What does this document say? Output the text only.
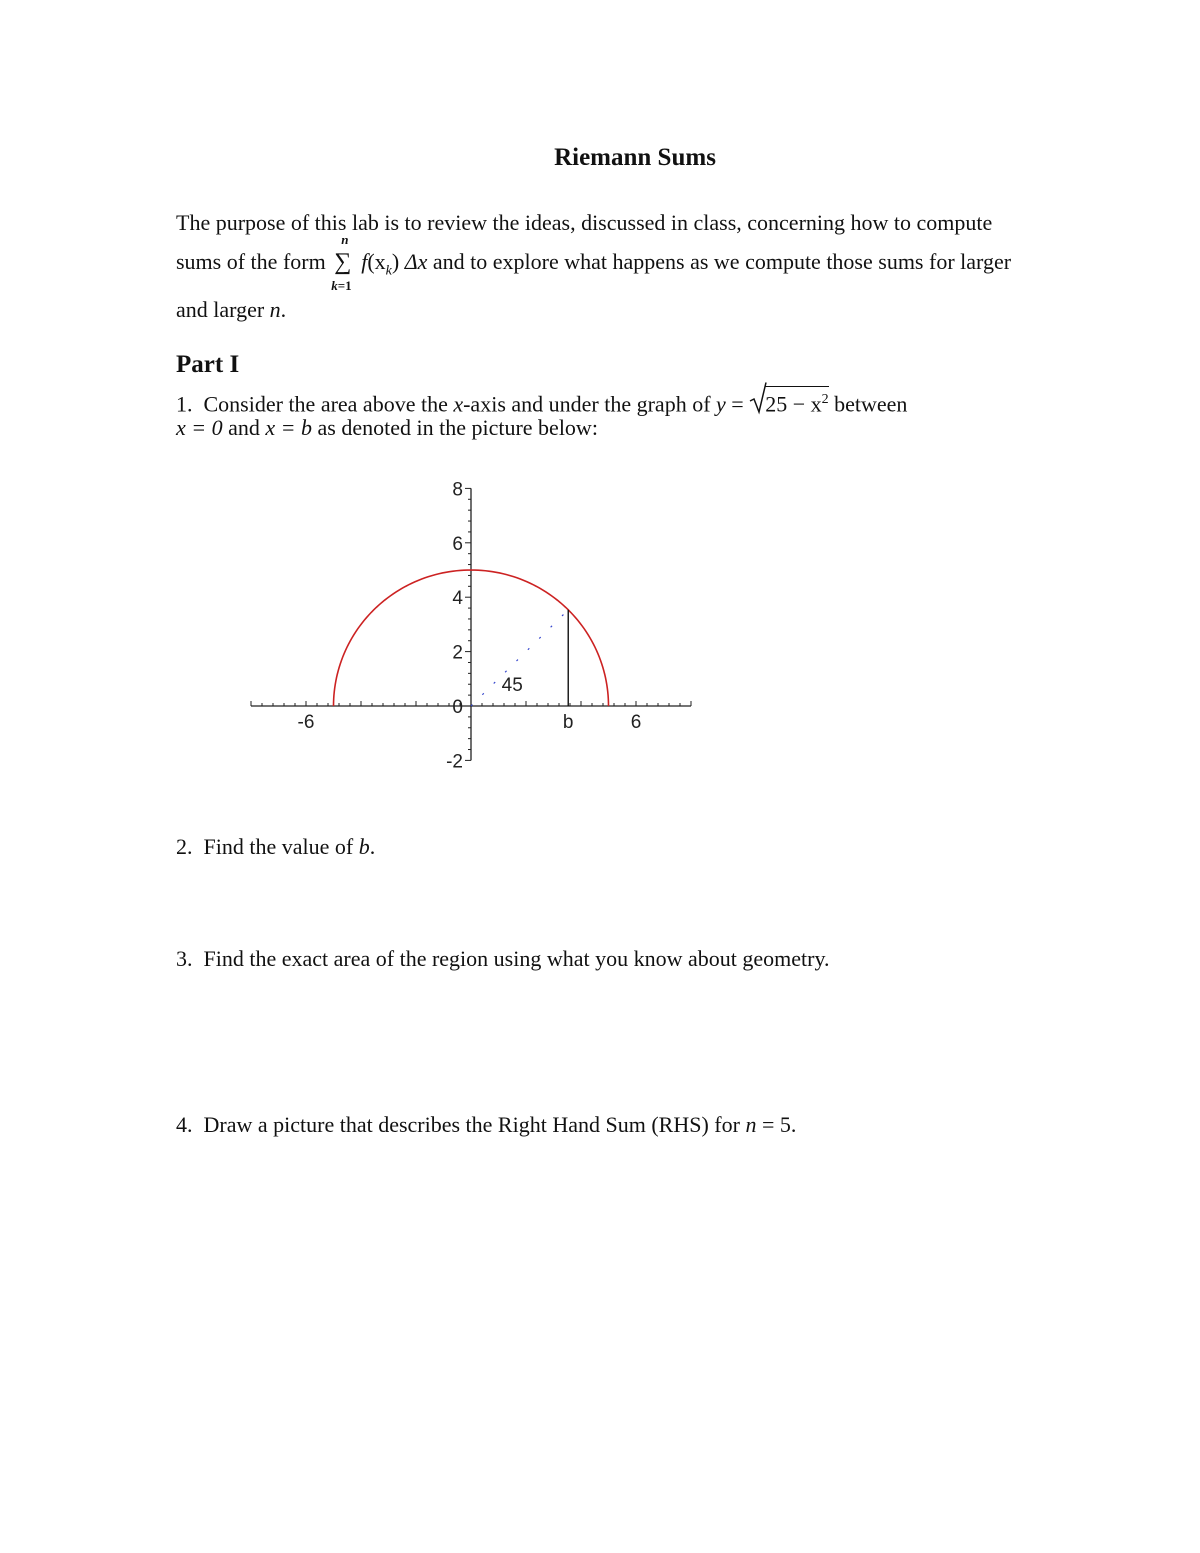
Riemann Sums
The purpose of this lab is to review the ideas, discussed in class, concerning how to compute
sums of the form
n
∑
k=1
$f(x_k)$ Δx and to explore what happens as we compute those sums for larger
and larger n.
Part I
1. Consider the area above the x-axis and under the graph of y =
$25 - x^2$ between
x = 0 and x = b as denoted in the picture below:
8
6
4
2
0
-2
-6	b	6
45
2. Find the value of b.
3. Find the exact area of the region using what you know about geometry.
4. Draw a picture that describes the Right Hand Sum (RHS) for n = 5.
